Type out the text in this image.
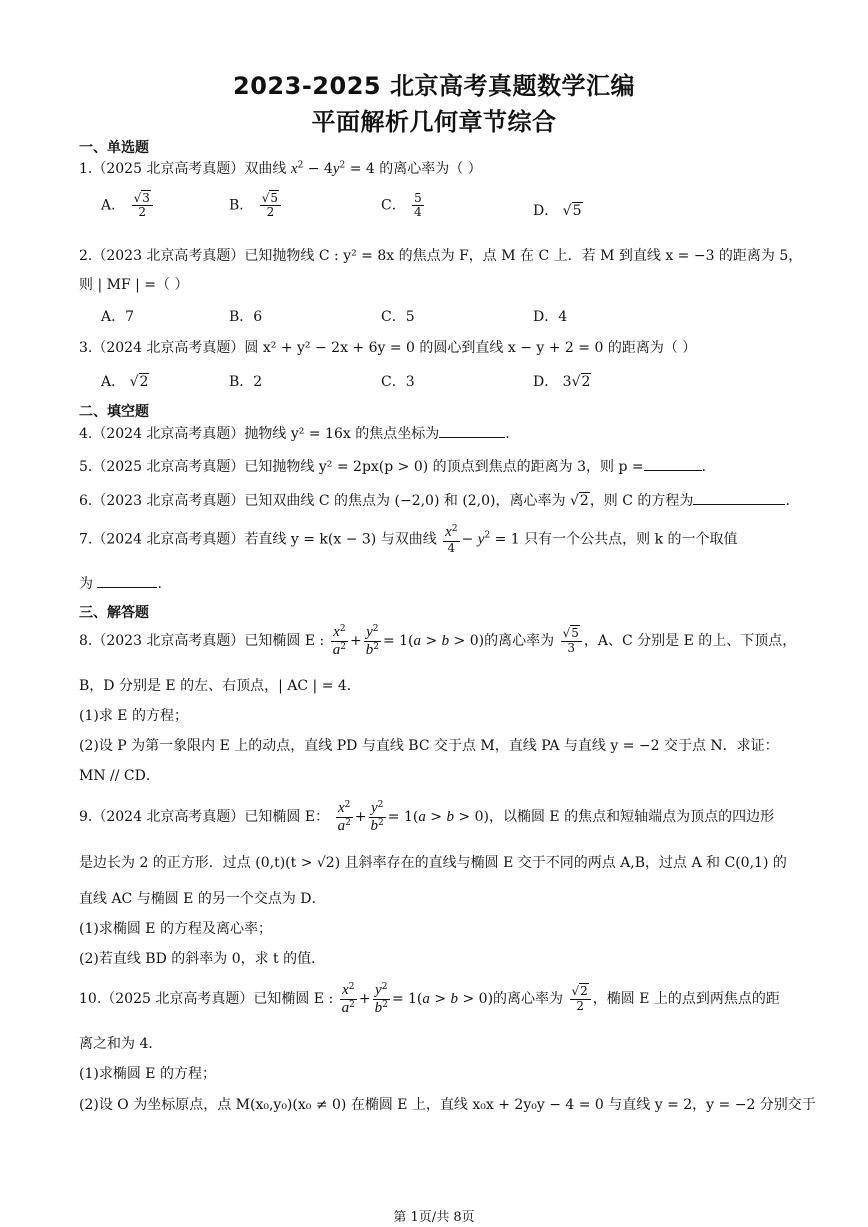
2023-2025 北京高考真题数学汇编
平面解析几何章节综合
一、单选题
1.（2025 北京高考真题）双曲线 $x^2 - 4y^2 = 4$ 的离心率为（ ）
A． $\frac{√3}{2}$	B． $\frac{√5}{2}$	C． $\frac{5}{4}$	D． √5
2.（2023 北京高考真题）已知抛物线 C : y² = 8x 的焦点为 F，点 M 在 C 上．若 M 到直线 x = −3 的距离为 5，
则 | MF | =（ ）
A．7	B．6	C．5	D．4
3.（2024 北京高考真题）圆 x² + y² − 2x + 6y = 0 的圆心到直线 x − y + 2 = 0 的距离为（ ）
A． √2	B．2	C．3	D． 3√2
二、填空题
4.（2024 北京高考真题）抛物线 y² = 16x 的焦点坐标为	.
5.（2025 北京高考真题）已知抛物线 y² = 2px(p > 0) 的顶点到焦点的距离为 3，则 p =	.
6.（2023 北京高考真题）已知双曲线 C 的焦点为 (−2,0) 和 (2,0)，离心率为 √2，则 C 的方程为	.
7.（2024 北京高考真题）若直线 y = k(x − 3) 与双曲线 $\frac{x^2}{4} - y^2 = 1$ 只有一个公共点，则 k 的一个取值
为	.
三、解答题
8.（2023 北京高考真题）已知椭圆 E : $\frac{x^2}{a^2} + \frac{y^2}{b^2} = 1(a > b > 0)$的离心率为 $\frac{√5}{3}$ ，A、C 分别是 E 的上、下顶点，
B，D 分别是 E 的左、右顶点，| AC | = 4．
(1)求 E 的方程；
(2)设 P 为第一象限内 E 上的动点，直线 PD 与直线 BC 交于点 M，直线 PA 与直线 y = −2 交于点 N．求证：
MN // CD．
9.（2024 北京高考真题）已知椭圆 E： $\frac{x^2}{a^2} + \frac{y^2}{b^2} = 1(a > b > 0)$，以椭圆 E 的焦点和短轴端点为顶点的四边形
是边长为 2 的正方形．过点 (0,t)(t > √2) 且斜率存在的直线与椭圆 E 交于不同的两点 A,B，过点 A 和 C(0,1) 的
直线 AC 与椭圆 E 的另一个交点为 D．
(1)求椭圆 E 的方程及离心率；
(2)若直线 BD 的斜率为 0，求 t 的值．
10.（2025 北京高考真题）已知椭圆 E : $\frac{x^2}{a^2} + \frac{y^2}{b^2} = 1(a > b > 0)$的离心率为 $\frac{√2}{2}$ ，椭圆 E 上的点到两焦点的距
离之和为 4．
(1)求椭圆 E 的方程；
(2)设 O 为坐标原点，点 M(x₀,y₀)(x₀ ≠ 0) 在椭圆 E 上，直线 x₀x + 2y₀y − 4 = 0 与直线 y = 2，y = −2 分别交于
第 1页/共 8页
